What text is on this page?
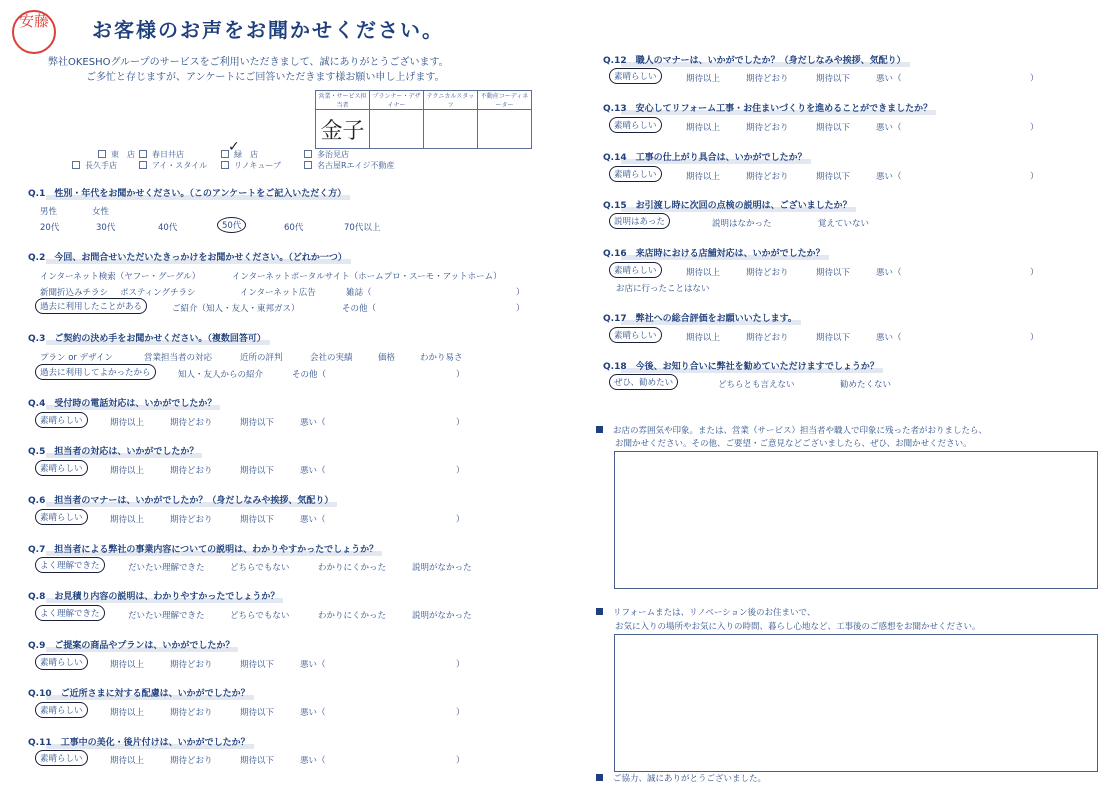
安藤 お客様のお声をお聞かせください。
弊社OKESHOグループのサービスをご利用いただきまして、誠にありがとうございます。
ご多忙と存じますが、アンケートにご回答いただきます様お願い申し上げます。
営業・サービス担当者	プランナー・デザイナー	テクニカルスタッフ	不動産コーディネーター
金子			
東　店	春日井店	緑　店
✓	多治見店
長久手店	アイ・スタイル	リノキューブ	名古屋Rエイジ不動産
Q.1　性別・年代をお聞かせください。（このアンケートをご記入いただく方）
男性	女性
20代	30代	40代	50代	60代	70代以上
Q.2　今回、お問合せいただいたきっかけをお聞かせください。（どれか一つ）
インターネット検索（ヤフー・グーグル）	インターネットポータルサイト（ホームプロ・スーモ・アットホーム）
新聞折込みチラシ ポスティングチラシ	インターネット広告	雑誌（	）
過去に利用したことがある	ご紹介（知人・友人・東邦ガス）	その他（	）
Q.3　ご契約の決め手をお聞かせください。（複数回答可）
プラン or デザイン	営業担当者の対応	近所の評判	会社の実績	価格	わかり易さ
過去に利用してよかったから	知人・友人からの紹介	その他（	）
Q.4　受付時の電話対応は、いかがでしたか？
素晴らしい	期待以上	期待どおり	期待以下	悪い（	）
Q.5　担当者の対応は、いかがでしたか？
素晴らしい	期待以上	期待どおり	期待以下	悪い（	）
Q.6　担当者のマナーは、いかがでしたか？（身だしなみや挨拶、気配り）
素晴らしい	期待以上	期待どおり	期待以下	悪い（	）
Q.7　担当者による弊社の事業内容についての説明は、わかりやすかったでしょうか？
よく理解できた	だいたい理解できた	どちらでもない	わかりにくかった	説明がなかった
Q.8　お見積り内容の説明は、わかりやすかったでしょうか？
よく理解できた	だいたい理解できた	どちらでもない	わかりにくかった	説明がなかった
Q.9　ご提案の商品やプランは、いかがでしたか？
素晴らしい	期待以上	期待どおり	期待以下	悪い（	）
Q.10　ご近所さまに対する配慮は、いかがでしたか？
素晴らしい	期待以上	期待どおり	期待以下	悪い（	）
Q.11　工事中の美化・後片付けは、いかがでしたか？
素晴らしい	期待以上	期待どおり	期待以下	悪い（	）
Q.12　職人のマナーは、いかがでしたか？（身だしなみや挨拶、気配り）
素晴らしい	期待以上	期待どおり	期待以下	悪い（	）
Q.13　安心してリフォーム工事・お住まいづくりを進めることができましたか？
素晴らしい	期待以上	期待どおり	期待以下	悪い（	）
Q.14　工事の仕上がり具合は、いかがでしたか？
素晴らしい	期待以上	期待どおり	期待以下	悪い（	）
Q.15　お引渡し時に次回の点検の説明は、ございましたか？
説明はあった	説明はなかった	覚えていない
Q.16　来店時における店舗対応は、いかがでしたか？
素晴らしい	期待以上	期待どおり	期待以下	悪い（	）
お店に行ったことはない
Q.17　弊社への総合評価をお願いいたします。
素晴らしい	期待以上	期待どおり	期待以下	悪い（	）
Q.18　今後、お知り合いに弊社を勧めていただけますでしょうか？
ぜひ、勧めたい	どちらとも言えない	勧めたくない
お店の雰囲気や印象。または、営業（サービス）担当者や職人で印象に残った者がおりましたら、
お聞かせください。その他、ご要望・ご意見などございましたら、ぜひ、お聞かせください。
リフォームまたは、リノベーション後のお住まいで、
お気に入りの場所やお気に入りの時間、暮らし心地など、工事後のご感想をお聞かせください。
ご協力、誠にありがとうございました。
